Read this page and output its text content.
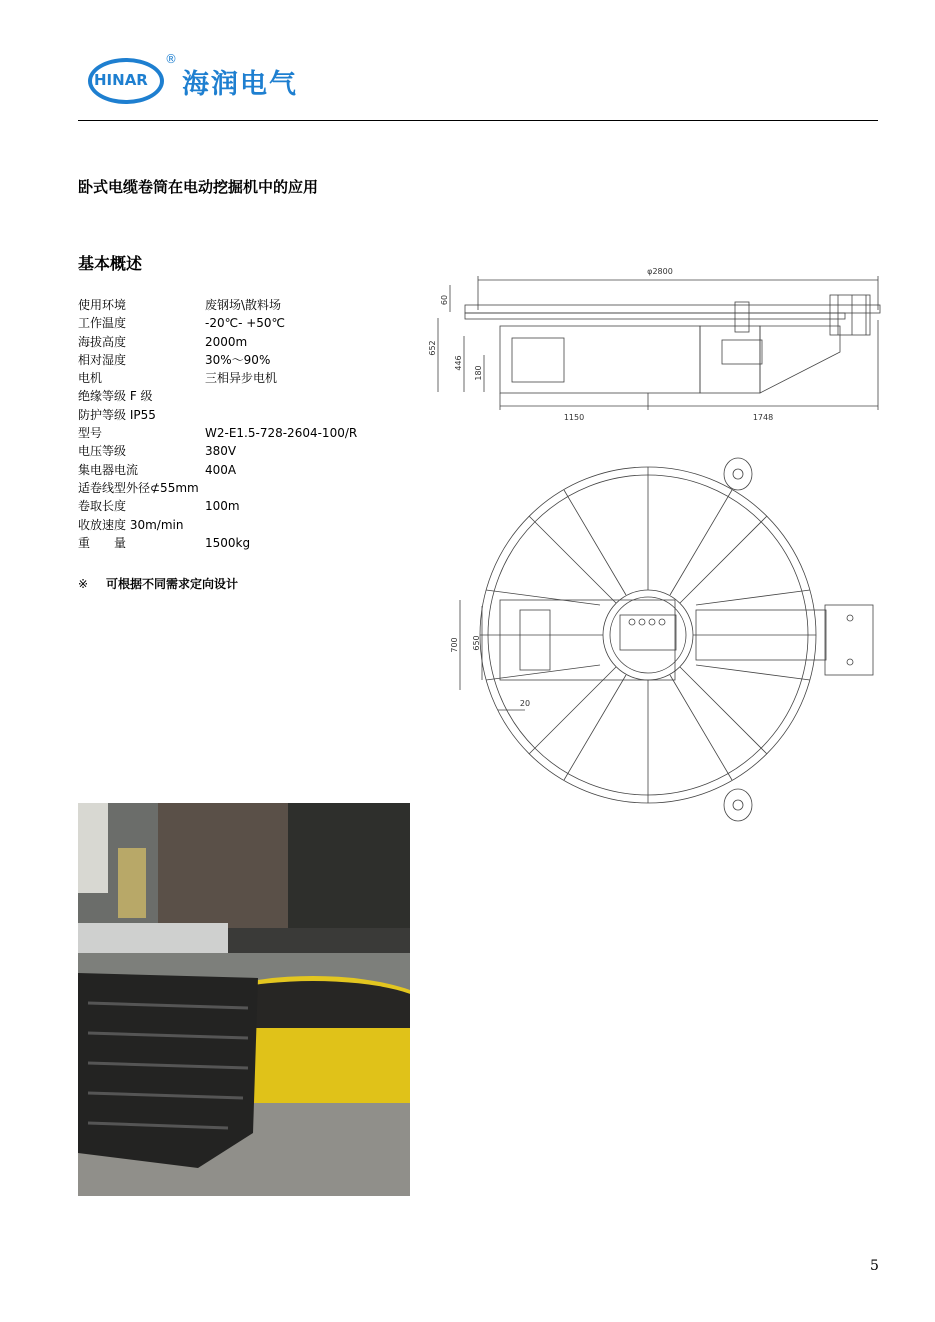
HINAR
®
海润电气
卧式电缆卷筒在电动挖掘机中的应用
基本概述
使用环境	废钢场\散料场
工作温度	-20℃- +50℃
海拔高度	2000m
相对湿度	30%～90%
电机	三相异步电机
绝缘等级 F 级
防护等级 IP55
型号	W2-E1.5-728-2604-100/R
电压等级	380V
集电器电流	400A
适卷线型外径⊄55mm
卷取长度	100m
收放速度 30m/min
重　　量	1500kg
※ 可根据不同需求定向设计
φ2800
60
652
446
180
1150	1748
700 650
20
5
